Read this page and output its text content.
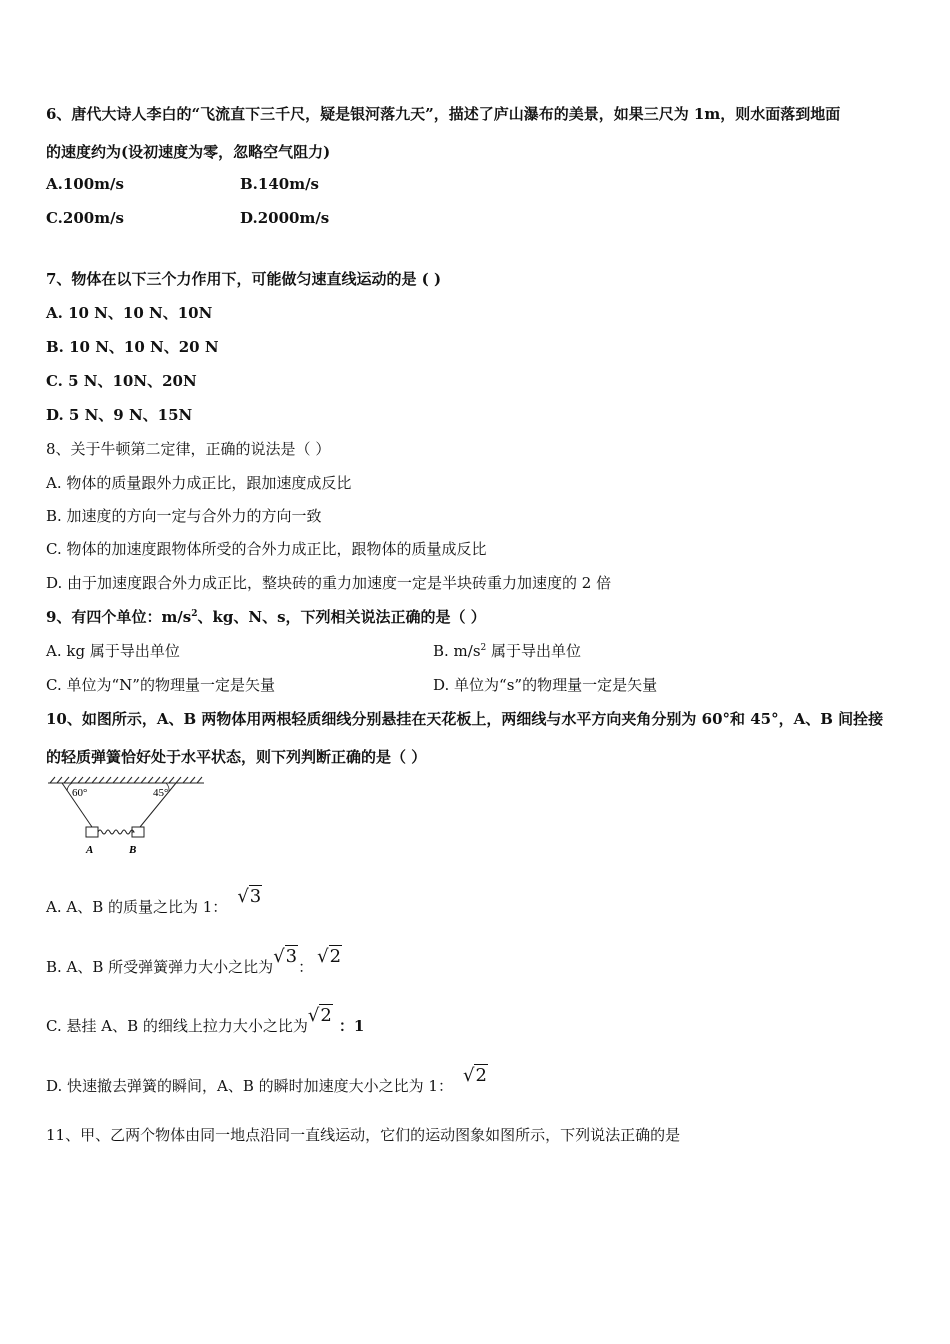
6、唐代大诗人李白的“飞流直下三千尺，疑是银河落九天”，描述了庐山瀑布的美景，如果三尺为 1m，则水面落到地面
的速度约为(设初速度为零，忽略空气阻力)
A.100m/s	B.140m/s
C.200m/s	D.2000m/s
7、物体在以下三个力作用下，可能做匀速直线运动的是 ( )
A. 10 N、10 N、10N
B. 10 N、10 N、20 N
C. 5 N、10N、20N
D. 5 N、9 N、15N
8、关于牛顿第二定律，正确的说法是（ ）
A. 物体的质量跟外力成正比，跟加速度成反比
B. 加速度的方向一定与合外力的方向一致
C. 物体的加速度跟物体所受的合外力成正比，跟物体的质量成反比
D. 由于加速度跟合外力成正比，整块砖的重力加速度一定是半块砖重力加速度的 2 倍
9、有四个单位：$m/s^2$、kg、N、s，下列相关说法正确的是（ ）
A. kg 属于导出单位	B. $m/s^2$ 属于导出单位
C. 单位为“N”的物理量一定是矢量	D. 单位为“s”的物理量一定是矢量
10、如图所示，A、B 两物体用两根轻质细线分别悬挂在天花板上，两细线与水平方向夹角分别为 60°和 45°，A、B 间拴接
的轻质弹簧恰好处于水平状态，则下列判断正确的是（ ）
60°	45°
A	B
A. A、B 的质量之比为 1： √3
B. A、B 所受弹簧弹力大小之比为√3： √2
C. 悬挂 A、B 的细线上拉力大小之比为√2 ：1
D. 快速撤去弹簧的瞬间，A、B 的瞬时加速度大小之比为 1： √2
11、甲、乙两个物体由同一地点沿同一直线运动，它们的运动图象如图所示，下列说法正确的是
